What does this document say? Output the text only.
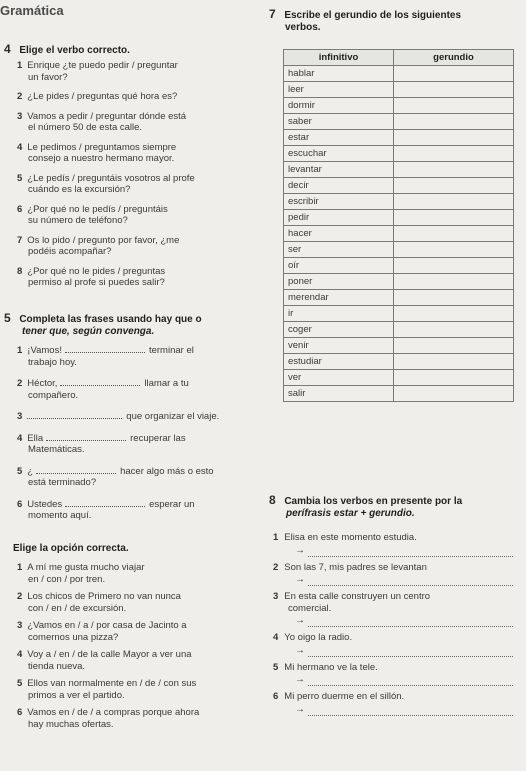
Gramática
4 Elige el verbo correcto.
1 Enrique ¿te puedo pedir / preguntar
un favor?
2 ¿Le pides / preguntas qué hora es?
3 Vamos a pedir / preguntar dónde está
el número 50 de esta calle.
4 Le pedimos / preguntamos siempre
consejo a nuestro hermano mayor.
5 ¿Le pedís / preguntáis vosotros al profe
cuándo es la excursión?
6 ¿Por qué no le pedís / preguntáis
su número de teléfono?
7 Os lo pido / pregunto por favor, ¿me
podéis acompañar?
8 ¿Por qué no le pides / preguntas
permiso al profe si puedes salir?
5 Completa las frases usando hay que o
tener que, según convenga.
1 ¡Vamos!	terminar el
trabajo hoy.
2 Héctor,	llamar a tu
compañero.
3	que organizar el viaje.
4 Ella	recuperar las
Matemáticas.
5 ¿	hacer algo más o esto
está terminado?
6 Ustedes	esperar un
momento aquí.
Elige la opción correcta.
1 A mí me gusta mucho viajar
en / con / por tren.
2 Los chicos de Primero no van nunca
con / en / de excursión.
3 ¿Vamos en / a / por casa de Jacinto a
comernos una pizza?
4 Voy a / en / de la calle Mayor a ver una
tienda nueva.
5 Ellos van normalmente en / de / con sus
primos a ver el partido.
6 Vamos en / de / a compras porque ahora
hay muchas ofertas.
7 Escribe el gerundio de los siguientes
verbos.
infinitivo	gerundio
hablar	
leer	
dormir	
saber	
estar	
escuchar	
levantar	
decir	
escribir	
pedir	
hacer	
ser	
oír	
poner	
merendar	
ir	
coger	
venir	
estudiar	
ver	
salir	
8 Cambia los verbos en presente por la
perífrasis estar + gerundio.
1 Elisa en este momento estudia.
→
2 Son las 7, mis padres se levantan
→
3 En esta calle construyen un centro
comercial.
→
4 Yo oigo la radio.
→
5 Mi hermano ve la tele.
→
6 Mi perro duerme en el sillón.
→
